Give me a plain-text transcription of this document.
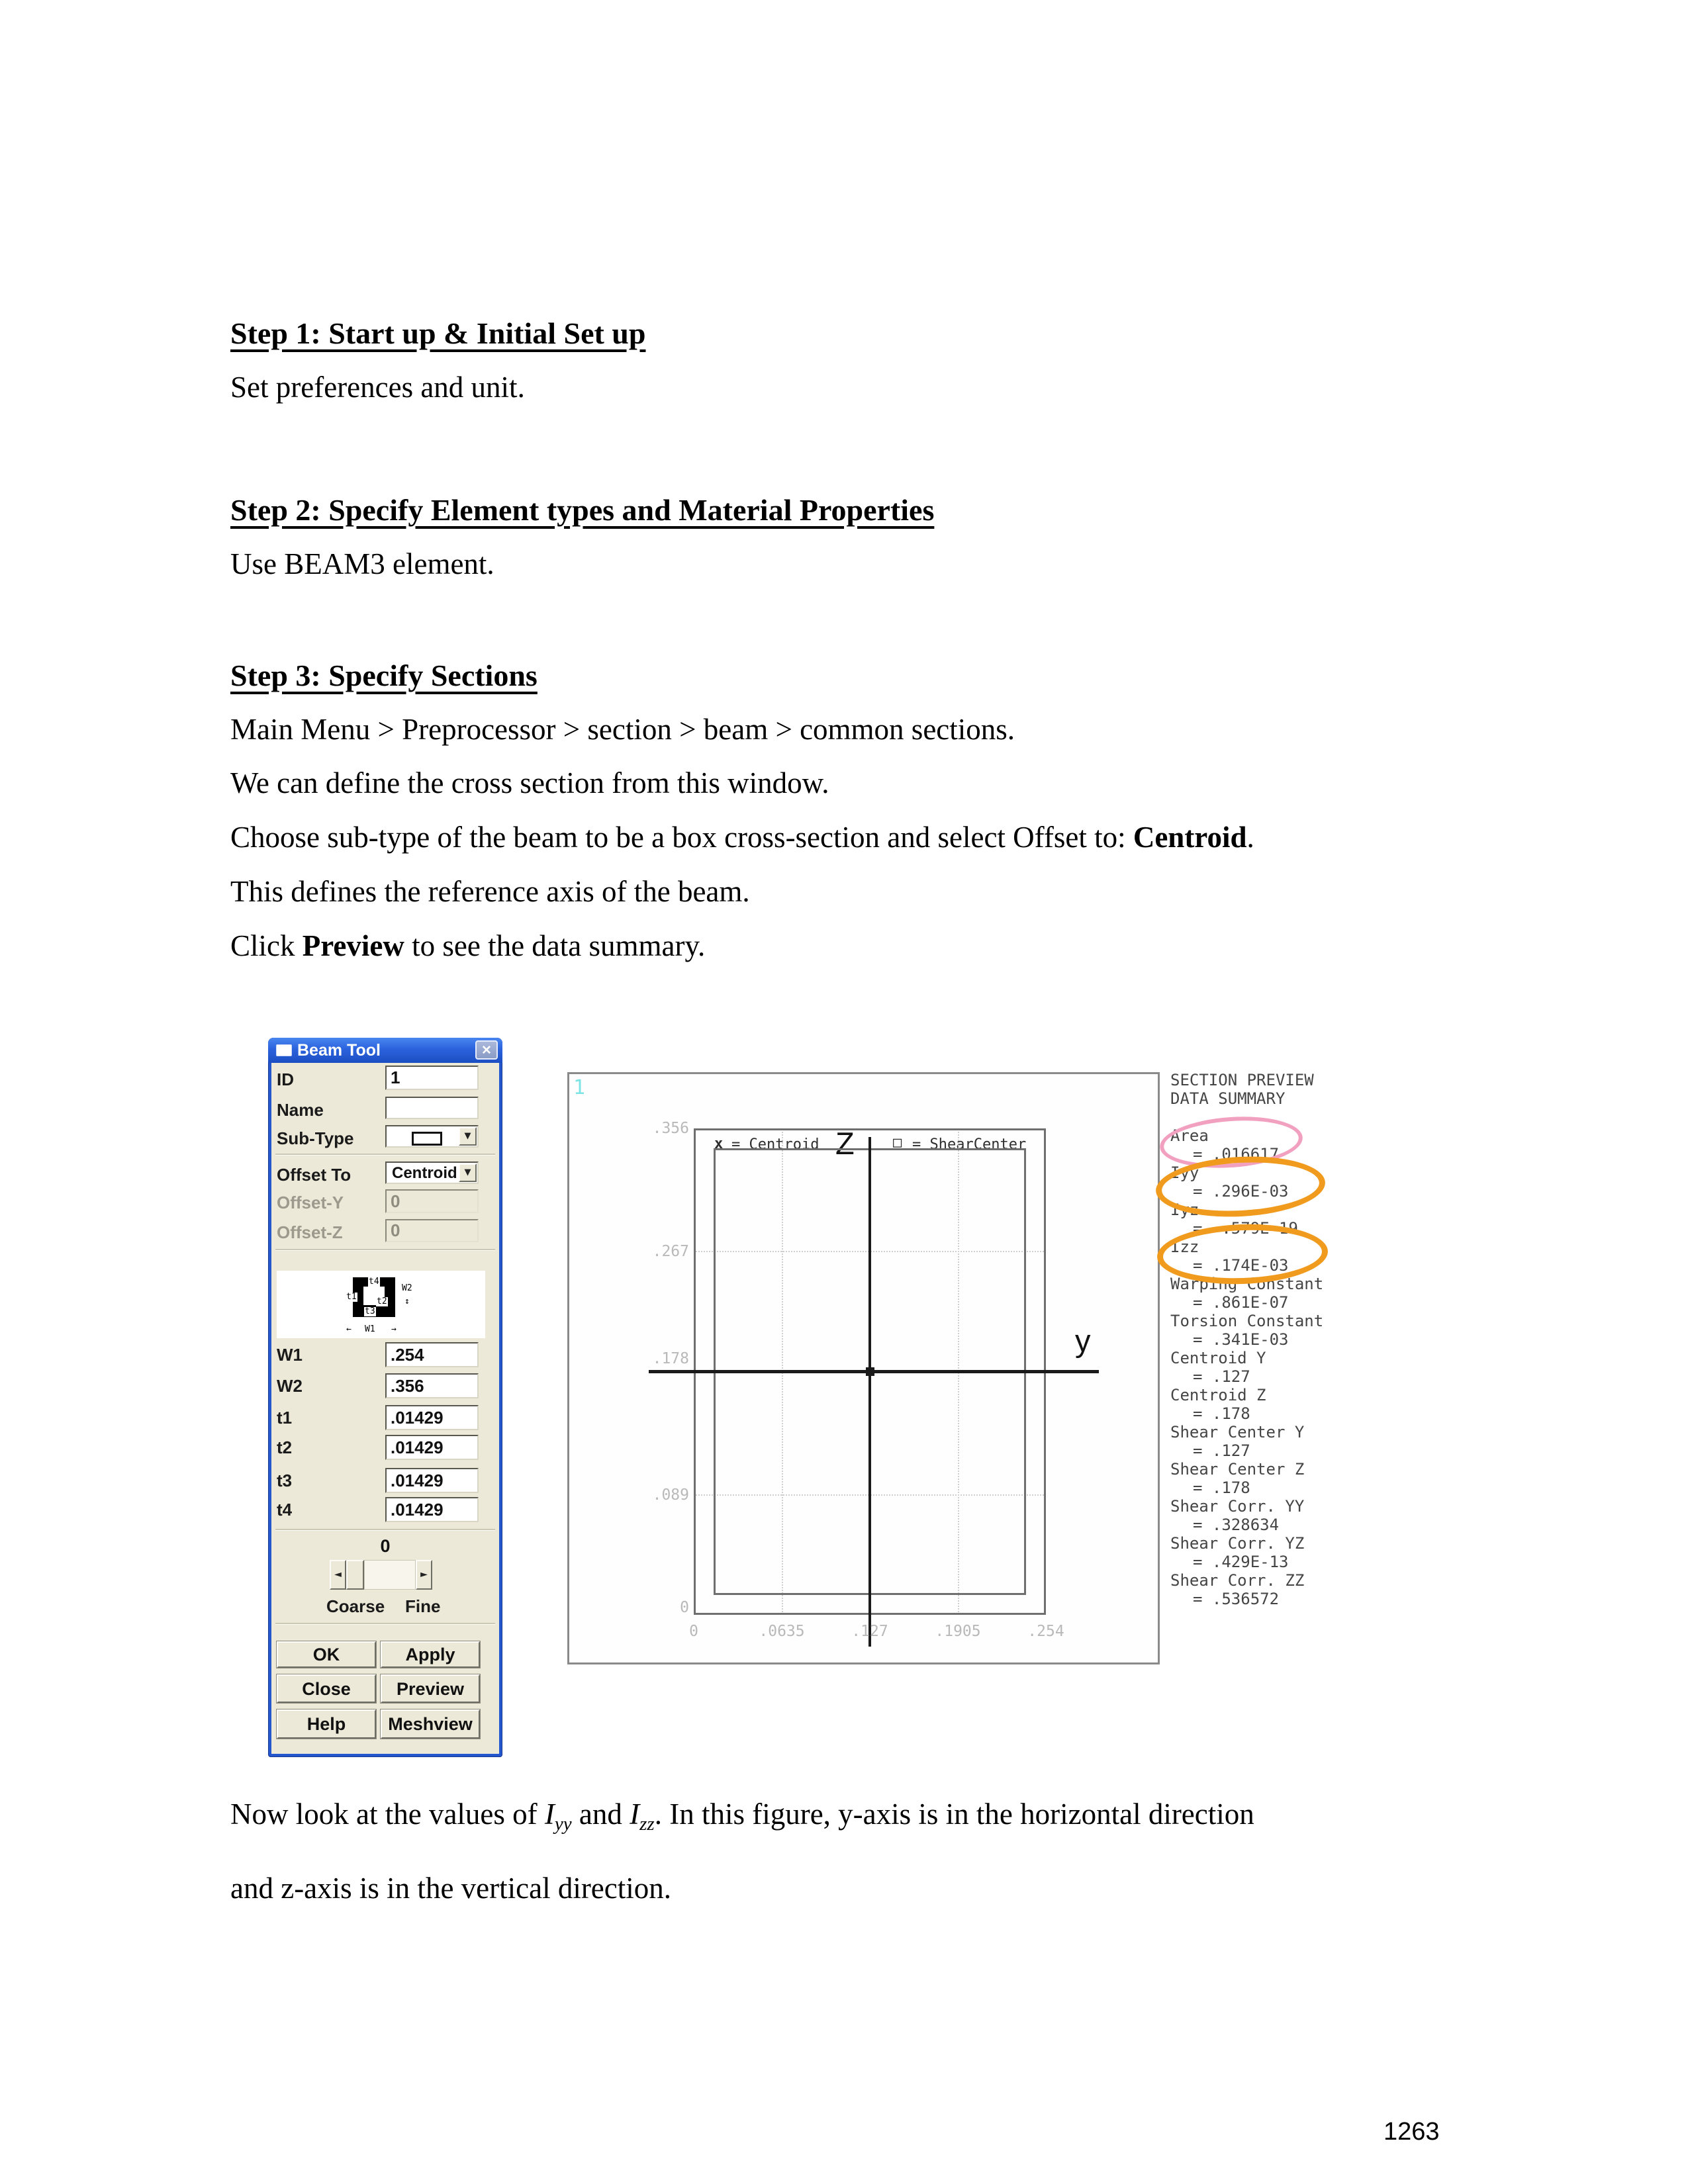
Step 1: Start up & Initial Set up
Set preferences and unit.
Step 2: Specify Element types and Material Properties
Use BEAM3 element.
Step 3: Specify Sections
Main Menu > Preprocessor > section > beam > common sections.
We can define the cross section from this window.
Choose sub-type of the beam to be a box cross-section and select Offset to: Centroid.
This defines the reference axis of the beam.
Click Preview to see the data summary.
Beam Tool	✕
ID	1
Name
Sub-Type	▼
Offset To	Centroid ▼
Offset-Y	0
Offset-Z	0
t4
t1 t2
t3
W2
↕
← W1 →
W1	.254
W2	.356
t1	.01429
t2	.01429
t3	.01429
t4	.01429
0
◄	►
Coarse Fine
OK	Apply
Close	Preview
Help	Meshview
1
x = Centroid Z	□ = ShearCenter
y
.356
.267
.178
.089
0
0	.0635	.127	.1905	.254
SECTION PREVIEW
DATA SUMMARY
Area
= .016617
Iyy
= .296E-03
Iyz
= -.579E-19
Izz
= .174E-03
Warping Constant
= .861E-07
Torsion Constant
= .341E-03
Centroid Y
= .127
Centroid Z
= .178
Shear Center Y
= .127
Shear Center Z
= .178
Shear Corr. YY
= .328634
Shear Corr. YZ
= .429E-13
Shear Corr. ZZ
= .536572
Now look at the values of $I_{yy}$ and $I_{zz}$. In this figure, y-axis is in the horizontal direction
and z-axis is in the vertical direction.
1263
